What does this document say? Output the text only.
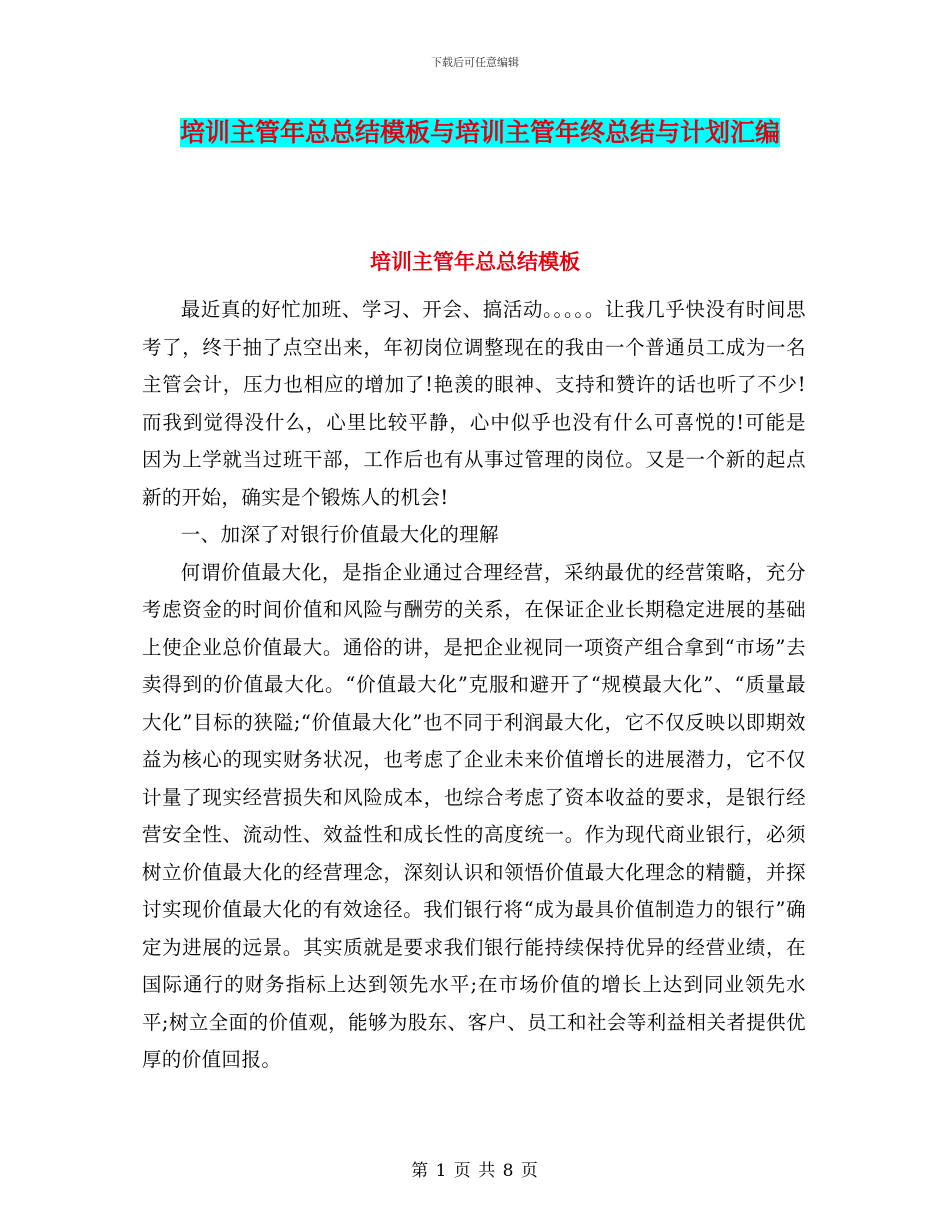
下载后可任意编辑
培训主管年总总结模板与培训主管年终总结与计划汇编
培训主管年总总结模板

最近真的好忙加班、学习、开会、搞活动。。。。。让我几乎快没有时间思考了，终于抽了点空出来，年初岗位调整现在的我由一个普通员工成为一名主管会计，压力也相应的增加了!艳羡的眼神、支持和赞许的话也听了不少!而我到觉得没什么，心里比较平静，心中似乎也没有什么可喜悦的!可能是因为上学就当过班干部，工作后也有从事过管理的岗位。又是一个新的起点新的开始，确实是个锻炼人的机会!

一、加深了对银行价值最大化的理解

何谓价值最大化，是指企业通过合理经营，采纳最优的经营策略，充分考虑资金的时间价值和风险与酬劳的关系，在保证企业长期稳定进展的基础上使企业总价值最大。通俗的讲，是把企业视同一项资产组合拿到“市场”去卖得到的价值最大化。“价值最大化”克服和避开了“规模最大化”、“质量最大化”目标的狭隘;“价值最大化”也不同于利润最大化，它不仅反映以即期效益为核心的现实财务状况，也考虑了企业未来价值增长的进展潜力，它不仅计量了现实经营损失和风险成本，也综合考虑了资本收益的要求，是银行经营安全性、流动性、效益性和成长性的高度统一。作为现代商业银行，必须树立价值最大化的经营理念，深刻认识和领悟价值最大化理念的精髓，并探讨实现价值最大化的有效途径。我们银行将“成为最具价值制造力的银行”确定为进展的远景。其实质就是要求我们银行能持续保持优异的经营业绩，在国际通行的财务指标上达到领先水平;在市场价值的增长上达到同业领先水平;树立全面的价值观，能够为股东、客户、员工和社会等利益相关者提供优厚的价值回报。

第 1 页 共 8 页
